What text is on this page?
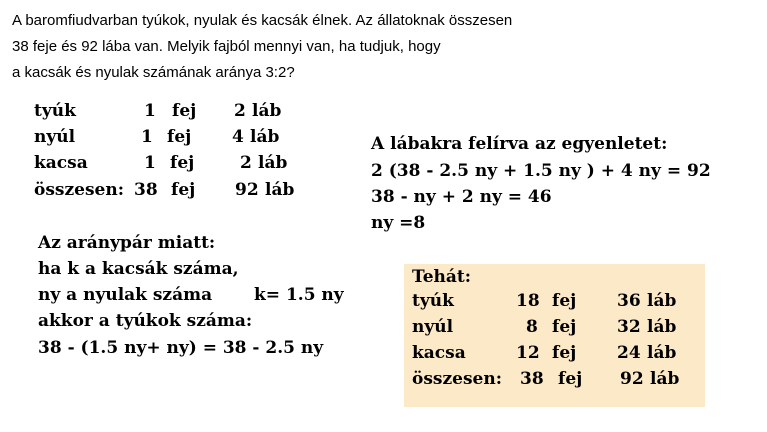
A baromfiudvarban tyúkok, nyulak és kacsák élnek. Az állatoknak összesen
38 feje és 92 lába van. Melyik fajból mennyi van, ha tudjuk, hogy
a kacsák és nyulak számának aránya 3:2?
tyúk	1 fej 2 láb
nyúl	1 fej 4 láb
kacsa	1 fej	2 láb
összesen: 38 fej 92 láb
A lábakra felírva az egyenletet:
2 (38 - 2.5 ny + 1.5 ny ) + 4 ny = 92
38 - ny + 2 ny = 46
ny =8
Az aránypár miatt:
ha k a kacsák száma,
ny a nyulak száma k= 1.5 ny
akkor a tyúkok száma:
38 - (1.5 ny+ ny) = 38 - 2.5 ny
Tehát:
tyúk	18 fej 36 láb
nyúl	8 fej 32 láb
kacsa	12 fej 24 láb
összesen: 38 fej 92 láb
